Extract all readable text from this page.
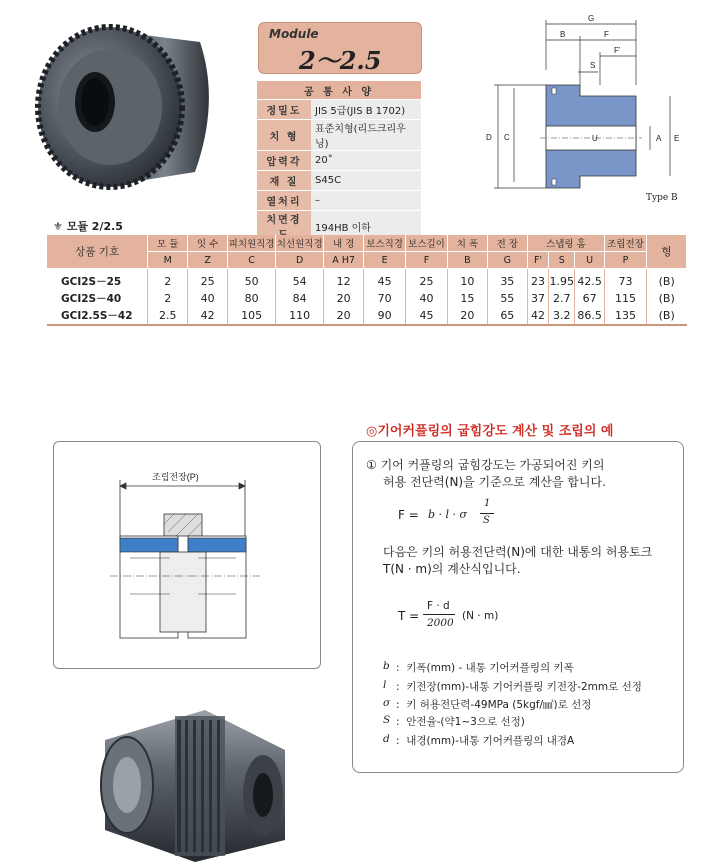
Module
2～2.5
공 통 사 양	
정밀도	JIS 5급(JIS B 1702)
치 형	표준치형(리드크리우닝)
압력각	20˚
재 질	S45C
열처리	–
치면경	194HB 이하
G
B	F
F'
S
D C	A E
U
Type B
⚜ 모듈 2/2.5
상품 기호	모 듈	잇 수	피치원직경	치선원직경	내 경	보스직경	보스길이	치 폭	전 장	스냅링 홈			조립전장	형
	M	Z	C	D	A H7	E	F	B	G	F'	S	U	P	
GCI2S－25	2	25	50	54	12	45	25	10	35	23	1.95	42.5	73	(B)
GCI2S－40	2	40	80	84	20	70	40	15	55	37	2.7	67	115	(B)
GCI2.5S－42	2.5	42	105	110	20	90	45	20	65	42	3.2	86.5	135	(B)
조립전장(P)
◎기어커플링의 굽힘강도 계산 및 조립의 예
① 기어 커플링의 굽힘강도는 가공되어진 키의
허용 전단력(N)을 기준으로 계산을 합니다.
F = b · l · σ
1
S
다음은 키의 허용전단력(N)에 대한 내통의 허용토크
T(N · m)의 계산식입니다.
T =
F · d
2000
(N · m)
b :  키폭(mm) - 내통 기어커플링의 키폭
l :  키전장(mm)-내통 기어커플링 키전장-2mm로 선정
σ :  키 허용전단력-49MPa (5kgf/㎟)로 선정
S :  안전율-(약1~3으로 선정)
d :  내경(mm)-내통 기어커플링의 내경A
